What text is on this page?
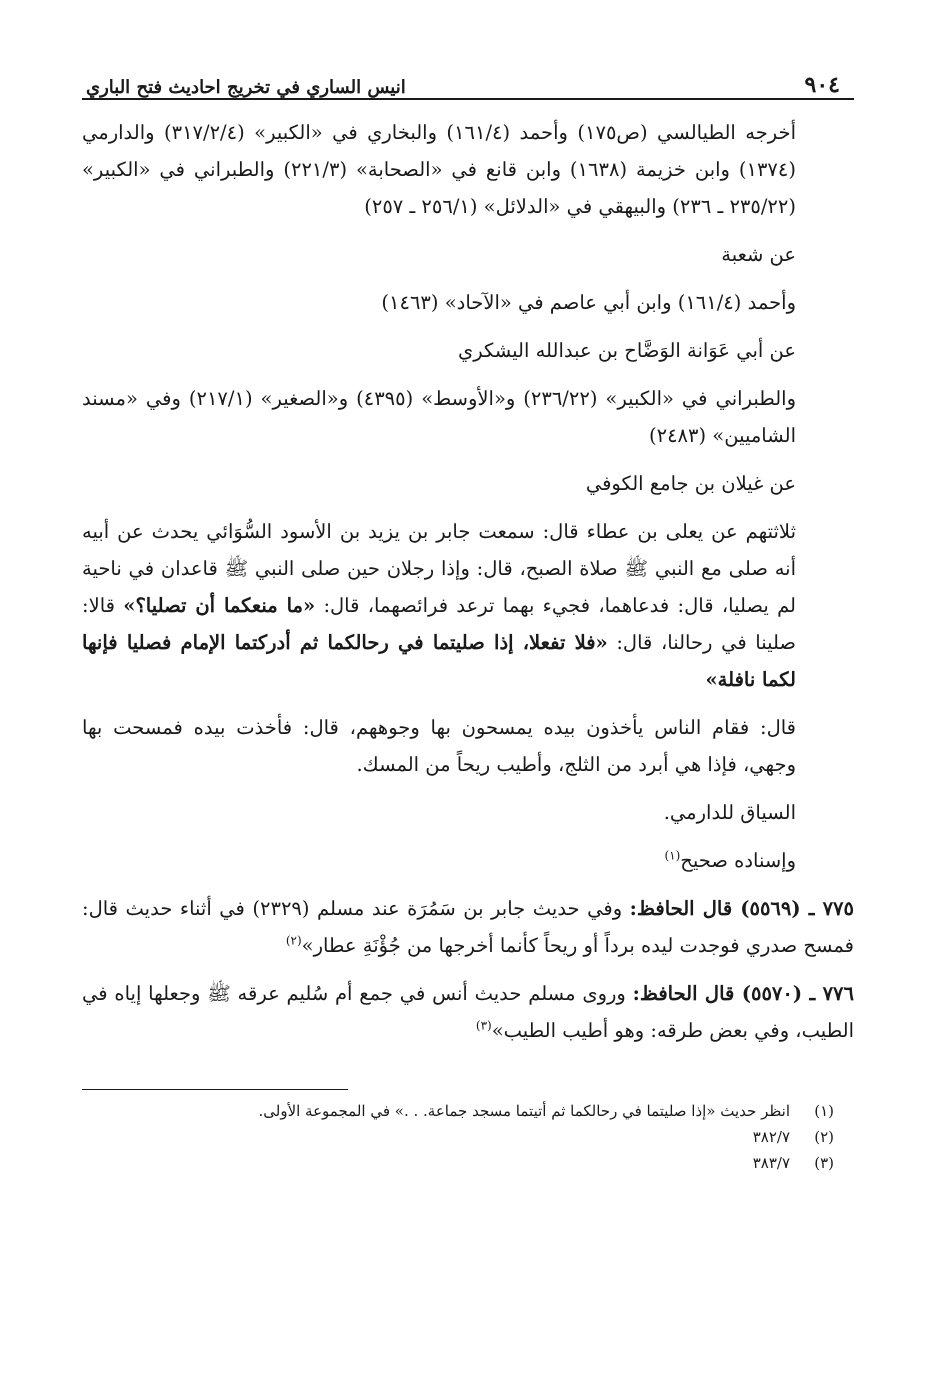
٩٠٤
انيس الساري في تخريج احاديث فتح الباري

أخرجه الطيالسي (ص١٧٥) وأحمد (١٦١/٤) والبخاري في «الكبير» (٣١٧/٢/٤) والدارمي (١٣٧٤) وابن خزيمة (١٦٣٨) وابن قانع في «الصحابة» (٢٢١/٣) والطبراني في «الكبير» (٢٣٥/٢٢ ـ ٢٣٦) والبيهقي في «الدلائل» (٢٥٦/١ ـ ٢٥٧)

عن شعبة

وأحمد (١٦١/٤) وابن أبي عاصم في «الآحاد» (١٤٦٣)

عن أبي عَوَانة الوَضَّاح بن عبدالله اليشكري

والطبراني في «الكبير» (٢٣٦/٢٢) و«الأوسط» (٤٣٩٥) و«الصغير» (٢١٧/١) وفي «مسند الشاميين» (٢٤٨٣)

عن غيلان بن جامع الكوفي

ثلاثتهم عن يعلى بن عطاء قال: سمعت جابر بن يزيد بن الأسود السُّوَائي يحدث عن أبيه أنه صلى مع النبي ﷺ صلاة الصبح، قال: وإذا رجلان حين صلى النبي ﷺ قاعدان في ناحية لم يصليا، قال: فدعاهما، فجيء بهما ترعد فرائصهما، قال: «ما منعكما أن تصليا؟» قالا: صلينا في رحالنا، قال: «فلا تفعلا، إذا صليتما في رحالكما ثم أدركتما الإمام فصليا فإنها لكما نافلة»

قال: فقام الناس يأخذون بيده يمسحون بها وجوههم، قال: فأخذت بيده فمسحت بها وجهي، فإذا هي أبرد من الثلج، وأطيب ريحاً من المسك.

السياق للدارمي.

وإسناده صحيح$^{(١)}$

٧٧٥ ـ (٥٥٦٩) قال الحافظ: وفي حديث جابر بن سَمُرَة عند مسلم (٢٣٢٩) في أثناء حديث قال: فمسح صدري فوجدت ليده برداً أو ريحاً كأنما أخرجها من جُؤْنَةِ عطار»$^{(٢)}$

٧٧٦ ـ (٥٥٧٠) قال الحافظ: وروى مسلم حديث أنس في جمع أم سُليم عرقه ﷺ وجعلها إياه في الطيب، وفي بعض طرقه: وهو أطيب الطيب»$^{(٣)}$

(١)انظر حديث «إذا صليتما في رحالكما ثم أتيتما مسجد جماعة. . .» في المجموعة الأولى.
(٢)٣٨٢/٧
(٣)٣٨٣/٧
